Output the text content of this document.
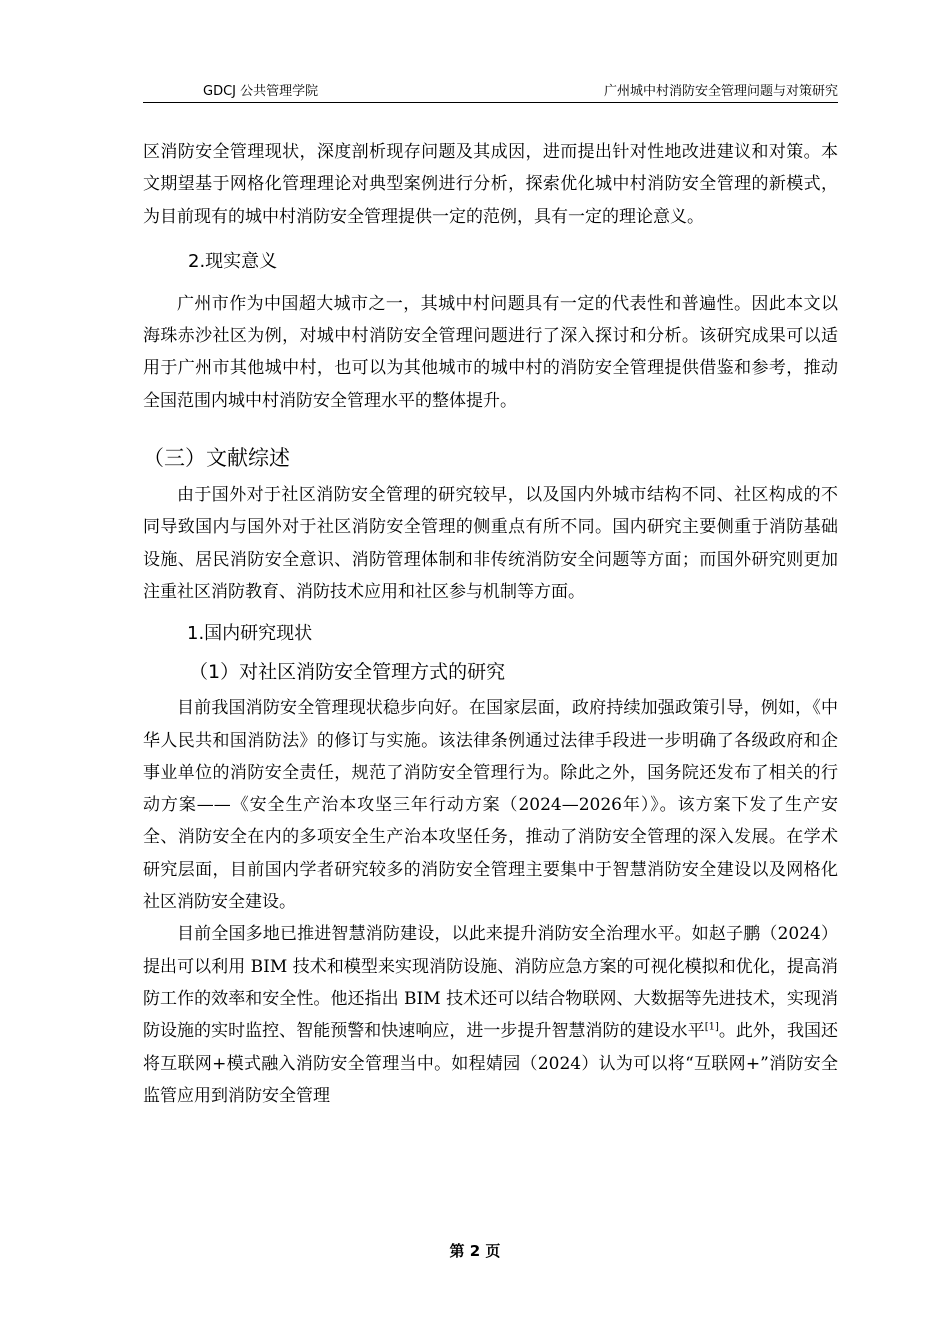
GDCJ 公共管理学院	广州城中村消防安全管理问题与对策研究

区消防安全管理现状，深度剖析现存问题及其成因，进而提出针对性地改进建议和对策。本文期望基于网格化管理理论对典型案例进行分析，探索优化城中村消防安全管理的新模式，为目前现有的城中村消防安全管理提供一定的范例，具有一定的理论意义。

2.现实意义

广州市作为中国超大城市之一，其城中村问题具有一定的代表性和普遍性。因此本文以海珠赤沙社区为例，对城中村消防安全管理问题进行了深入探讨和分析。该研究成果可以适用于广州市其他城中村，也可以为其他城市的城中村的消防安全管理提供借鉴和参考，推动全国范围内城中村消防安全管理水平的整体提升。

（三）文献综述

由于国外对于社区消防安全管理的研究较早，以及国内外城市结构不同、社区构成的不同导致国内与国外对于社区消防安全管理的侧重点有所不同。国内研究主要侧重于消防基础设施、居民消防安全意识、消防管理体制和非传统消防安全问题等方面；而国外研究则更加注重社区消防教育、消防技术应用和社区参与机制等方面。

1.国内研究现状

（1）对社区消防安全管理方式的研究

目前我国消防安全管理现状稳步向好。在国家层面，政府持续加强政策引导，例如，《中华人民共和国消防法》的修订与实施。该法律条例通过法律手段进一步明确了各级政府和企事业单位的消防安全责任，规范了消防安全管理行为。除此之外，国务院还发布了相关的行动方案——《安全生产治本攻坚三年行动方案（2024—2026年）》。该方案下发了生产安全、消防安全在内的多项安全生产治本攻坚任务，推动了消防安全管理的深入发展。在学术研究层面，目前国内学者研究较多的消防安全管理主要集中于智慧消防安全建设以及网格化社区消防安全建设。

目前全国多地已推进智慧消防建设，以此来提升消防安全治理水平。如赵子鹏（2024）提出可以利用 BIM 技术和模型来实现消防设施、消防应急方案的可视化模拟和优化，提高消防工作的效率和安全性。他还指出 BIM 技术还可以结合物联网、大数据等先进技术，实现消防设施的实时监控、智能预警和快速响应，进一步提升智慧消防的建设水平[1]。此外，我国还将互联网+模式融入消防安全管理当中。如程婧园（2024）认为可以将“互联网+”消防安全监管应用到消防安全管理

第 2 页
